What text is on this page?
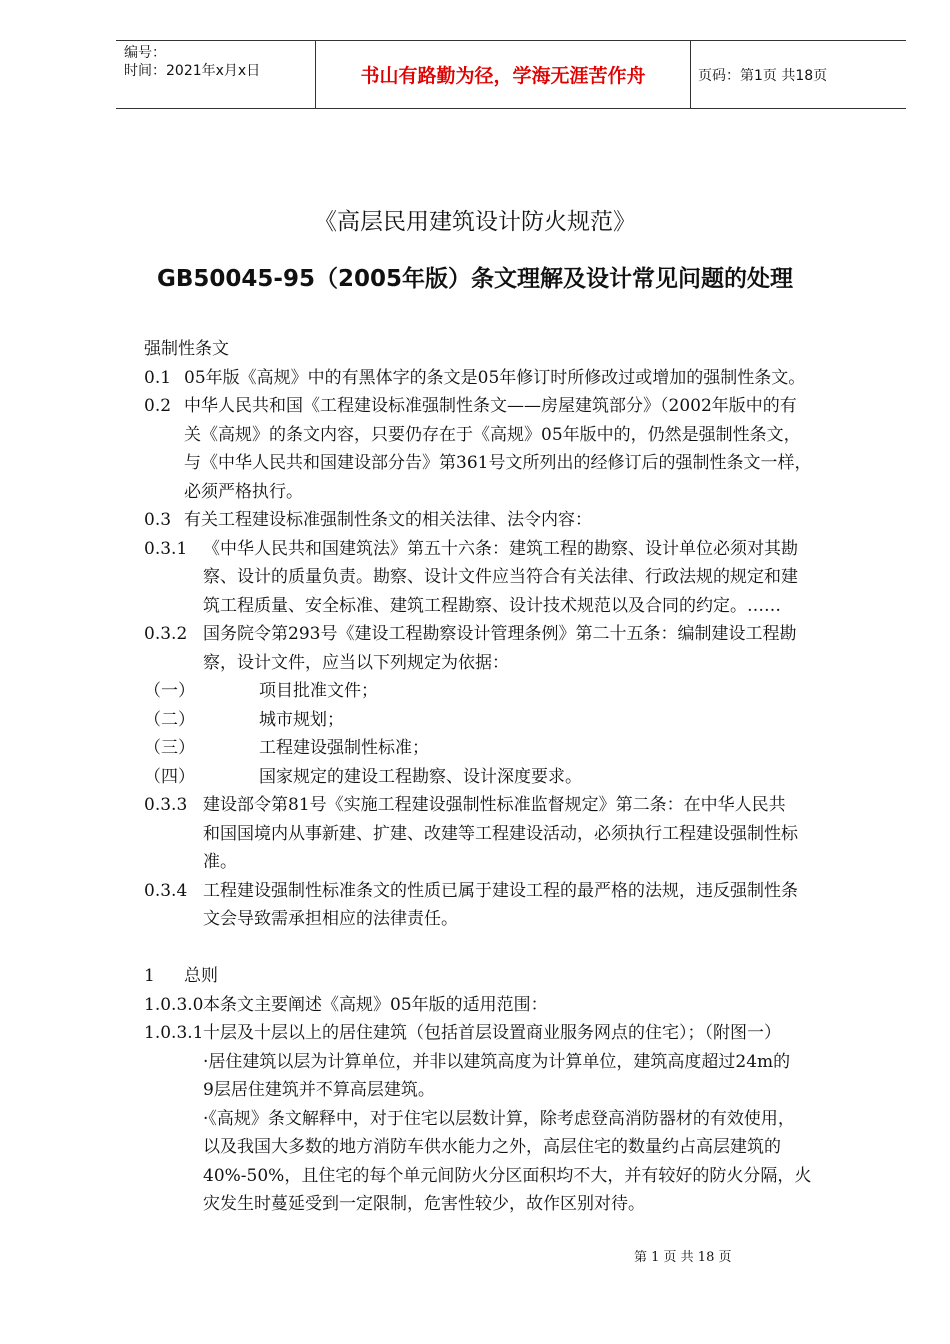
编号：
时间：2021年x月x日	书山有路勤为径，学海无涯苦作舟	页码：第1页 共18页
《高层民用建筑设计防火规范》
GB50045-95（2005年版）条文理解及设计常见问题的处理
强制性条文
0.1 05年版《高规》中的有黑体字的条文是05年修订时所修改过或增加的强制性条文。
0.2 中华人民共和国《工程建设标准强制性条文——房屋建筑部分》（2002年版中的有
关《高规》的条文内容，只要仍存在于《高规》05年版中的，仍然是强制性条文，
与《中华人民共和国建设部分告》第361号文所列出的经修订后的强制性条文一样，
必须严格执行。
0.3 有关工程建设标准强制性条文的相关法律、法令内容：
0.3.1 《中华人民共和国建筑法》第五十六条：建筑工程的勘察、设计单位必须对其勘
察、设计的质量负责。勘察、设计文件应当符合有关法律、行政法规的规定和建
筑工程质量、安全标准、建筑工程勘察、设计技术规范以及合同的约定。……
0.3.2 国务院令第293号《建设工程勘察设计管理条例》第二十五条：编制建设工程勘
察，设计文件，应当以下列规定为依据：
（一）	项目批准文件；
（二）	城市规划；
（三）	工程建设强制性标准；
（四）	国家规定的建设工程勘察、设计深度要求。
0.3.3 建设部令第81号《实施工程建设强制性标准监督规定》第二条：在中华人民共
和国国境内从事新建、扩建、改建等工程建设活动，必须执行工程建设强制性标
准。
0.3.4 工程建设强制性标准条文的性质已属于建设工程的最严格的法规，违反强制性条
文会导致需承担相应的法律责任。
1 总则
1.0.3.0 本条文主要阐述《高规》05年版的适用范围：
1.0.3.1 十层及十层以上的居住建筑（包括首层设置商业服务网点的住宅）；（附图一）
·居住建筑以层为计算单位，并非以建筑高度为计算单位，建筑高度超过24m的
9层居住建筑并不算高层建筑。
·《高规》条文解释中，对于住宅以层数计算，除考虑登高消防器材的有效使用，
以及我国大多数的地方消防车供水能力之外，高层住宅的数量约占高层建筑的
40%-50%，且住宅的每个单元间防火分区面积均不大，并有较好的防火分隔，火
灾发生时蔓延受到一定限制，危害性较少，故作区别对待。
第 1 页 共 18 页
